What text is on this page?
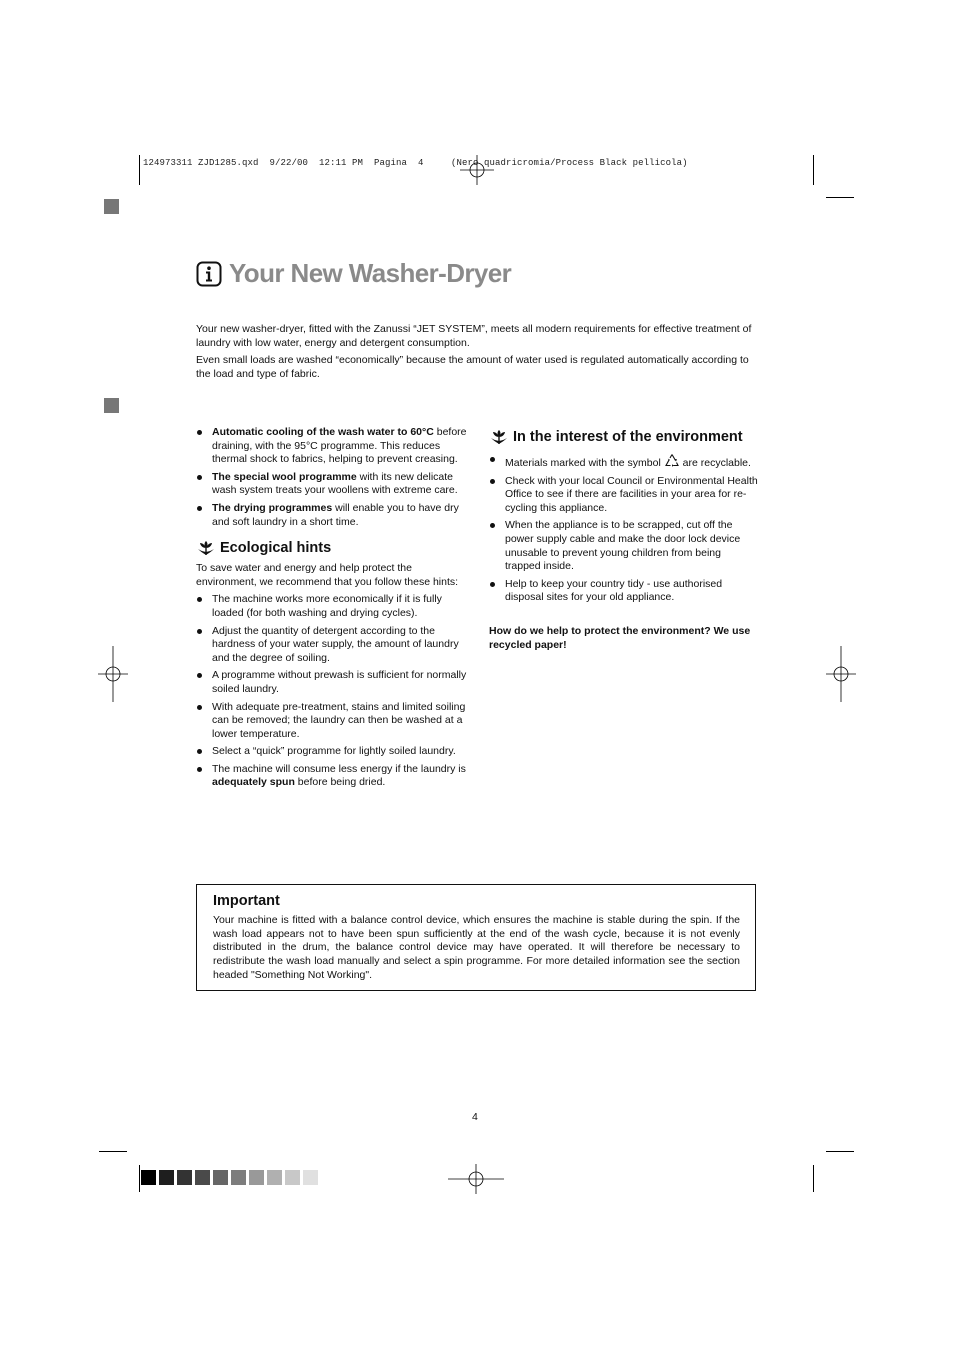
124973311 ZJD1285.qxd  9/22/00  12:11 PM  Pagina  4     (Nero quadricromia/Process Black pellicola)
Your New Washer-Dryer

Your new washer-dryer, fitted with the Zanussi “JET SYSTEM”, meets all modern requirements for effective treatment of laundry with low water, energy and detergent consumption.

Even small loads are washed “economically” because the amount of water used is regulated automatically according to the load and type of fabric.

Automatic cooling of the wash water to 60°C before draining, with the 95°C programme. This reduces thermal shock to fabrics, helping to prevent creasing.
The special wool programme with its new delicate wash system treats your woollens with extreme care.
The drying programmes will enable you to have dry and soft laundry in a short time.
Ecological hints

To save water and energy and help protect the environment, we recommend that you follow these hints:

The machine works more economically if it is fully loaded (for both washing and drying cycles).
Adjust the quantity of detergent according to the hardness of your water supply, the amount of laundry and the degree of soiling.
A programme without prewash is sufficient for normally soiled laundry.
With adequate pre-treatment, stains and limited soiling can be removed; the laundry can then be washed at a lower temperature.
Select a “quick” programme for lightly soiled laundry.
The machine will consume less energy if the laundry is adequately spun before being dried.
In the interest of the environment
Materials marked with the symbol  are recyclable.
Check with your local Council or Environmental Health Office to see if there are facilities in your area for re-cycling this appliance.
When the appliance is to be scrapped, cut off the power supply cable and make the door lock device unusable to prevent young children from being trapped inside.
Help to keep your country tidy - use authorised disposal sites for your old appliance.

How do we help to protect the environment? We use recycled paper!

Important

Your machine is fitted with a balance control device, which ensures the machine is stable during the spin. If the wash load appears not to have been spun sufficiently at the end of the wash cycle, because it is not evenly distributed in the drum, the balance control device may have operated. It will therefore be necessary to redistribute the wash load manually and select a spin programme. For more detailed information see the section headed "Something Not Working".

4
